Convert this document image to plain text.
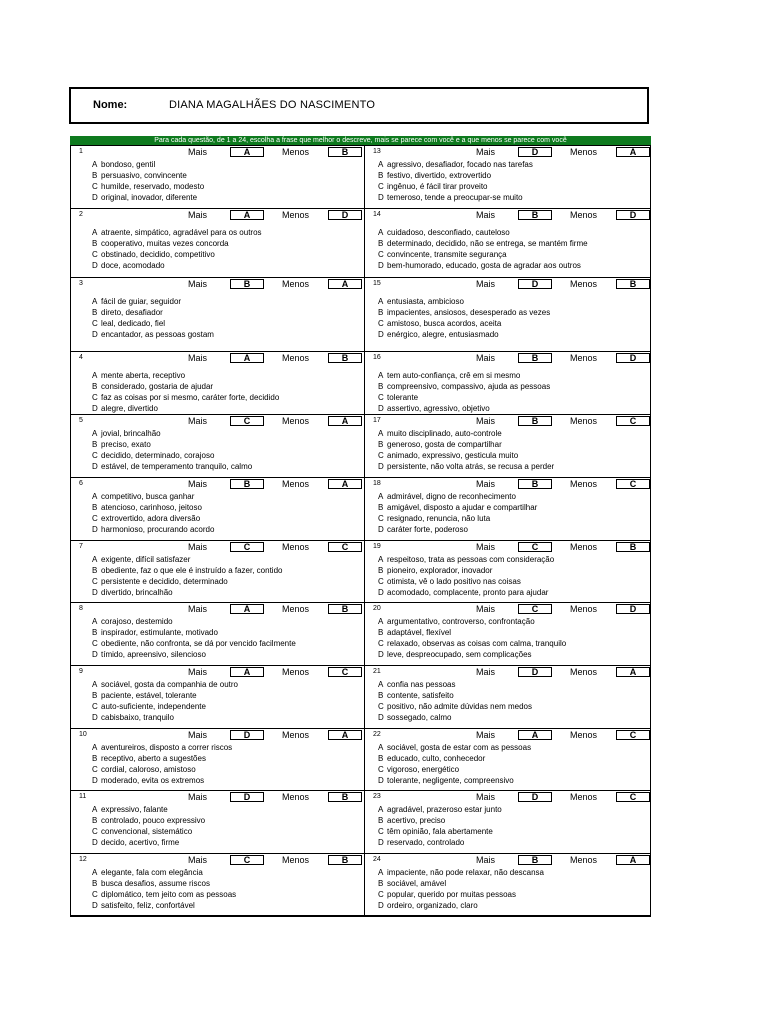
Nome:	DIANA MAGALHÃES DO NASCIMENTO
Para cada questão, de 1 a 24, escolha a frase que melhor o descreve, mais se parece com você e a que menos se parece com você
1	Mais	A	Menos	B
A bondoso, gentil
B persuasivo, convincente
C humilde, reservado, modesto
D original, inovador, diferente
2	Mais	A	Menos	D
A atraente, simpático, agradável para os outros
B cooperativo, muitas vezes concorda
C obstinado, decidido, competitivo
D doce, acomodado
3	Mais	B	Menos	A
A fácil de guiar, seguidor
B direto, desafiador
C leal, dedicado, fiel
D encantador, as pessoas gostam
4	Mais	A	Menos	B
A mente aberta, receptivo
B considerado, gostaria de ajudar
C faz as coisas por si mesmo, caráter forte, decidido
D alegre, divertido
5	Mais	C	Menos	A
A jovial, brincalhão
B preciso, exato
C decidido, determinado, corajoso
D estável, de temperamento tranquilo, calmo
6	Mais	B	Menos	A
A competitivo, busca ganhar
B atencioso, carinhoso, jeitoso
C extrovertido, adora diversão
D harmonioso, procurando acordo
7	Mais	C	Menos	C
A exigente, difícil satisfazer
B obediente, faz o que ele é instruído a fazer, contido
C persistente e decidido, determinado
D divertido, brincalhão
8	Mais	A	Menos	B
A corajoso, destemido
B inspirador, estimulante, motivado
C obediente, não confronta, se dá por vencido facilmente
D tímido, apreensivo, silencioso
9	Mais	A	Menos	C
A sociável, gosta da companhia de outro
B paciente, estável, tolerante
C auto-suficiente, independente
D cabisbaixo, tranquilo
10	Mais	D	Menos	A
A aventureiros, disposto a correr riscos
B receptivo, aberto a sugestões
C cordial, caloroso, amistoso
D moderado, evita os extremos
11	Mais	D	Menos	B
A expressivo, falante
B controlado, pouco expressivo
C convencional, sistemático
D decido, acertivo, firme
12	Mais	C	Menos	B
A elegante, fala com elegância
B busca desafios, assume riscos
C diplomático, tem jeito com as pessoas
D satisfeito, feliz, confortável
13	Mais	D	Menos	A
A agressivo, desafiador, focado nas tarefas
B festivo, divertido, extrovertido
C ingênuo, é fácil tirar proveito
D temeroso, tende a preocupar-se muito
14	Mais	B	Menos	D
A cuidadoso, desconfiado, cauteloso
B determinado, decidido, não se entrega, se mantém firme
C convincente, transmite segurança
D bem-humorado, educado, gosta de agradar aos outros
15	Mais	D	Menos	B
A entusiasta, ambicioso
B impacientes, ansiosos, desesperado as vezes
C amistoso, busca acordos, aceita
D enérgico, alegre, entusiasmado
16	Mais	B	Menos	D
A tem auto-confiança, crê em si mesmo
B compreensivo, compassivo, ajuda as pessoas
C tolerante
D assertivo, agressivo, objetivo
17	Mais	B	Menos	C
A muito disciplinado, auto-controle
B generoso, gosta de compartilhar
C animado, expressivo, gesticula muito
D persistente, não volta atrás, se recusa a perder
18	Mais	B	Menos	C
A admirável, digno de reconhecimento
B amigável, disposto a ajudar e compartilhar
C resignado, renuncia, não luta
D caráter forte, poderoso
19	Mais	C	Menos	B
A respeitoso, trata as pessoas com consideração
B pioneiro, explorador, inovador
C otimista, vê o lado positivo nas coisas
D acomodado, complacente, pronto para ajudar
20	Mais	C	Menos	D
A argumentativo, controverso, confrontação
B adaptável, flexível
C relaxado, observas as coisas com calma, tranquilo
D leve, despreocupado, sem complicações
21	Mais	D	Menos	A
A confia nas pessoas
B contente, satisfeito
C positivo, não admite dúvidas nem medos
D sossegado, calmo
22	Mais	A	Menos	C
A sociável, gosta de estar com as pessoas
B educado, culto, conhecedor
C vigoroso, energético
D tolerante, negligente, compreensivo
23	Mais	D	Menos	C
A agradável, prazeroso estar junto
B acertivo, preciso
C têm opinião, fala abertamente
D reservado, controlado
24	Mais	B	Menos	A
A impaciente, não pode relaxar, não descansa
B sociável, amável
C popular, querido por muitas pessoas
D ordeiro, organizado, claro
